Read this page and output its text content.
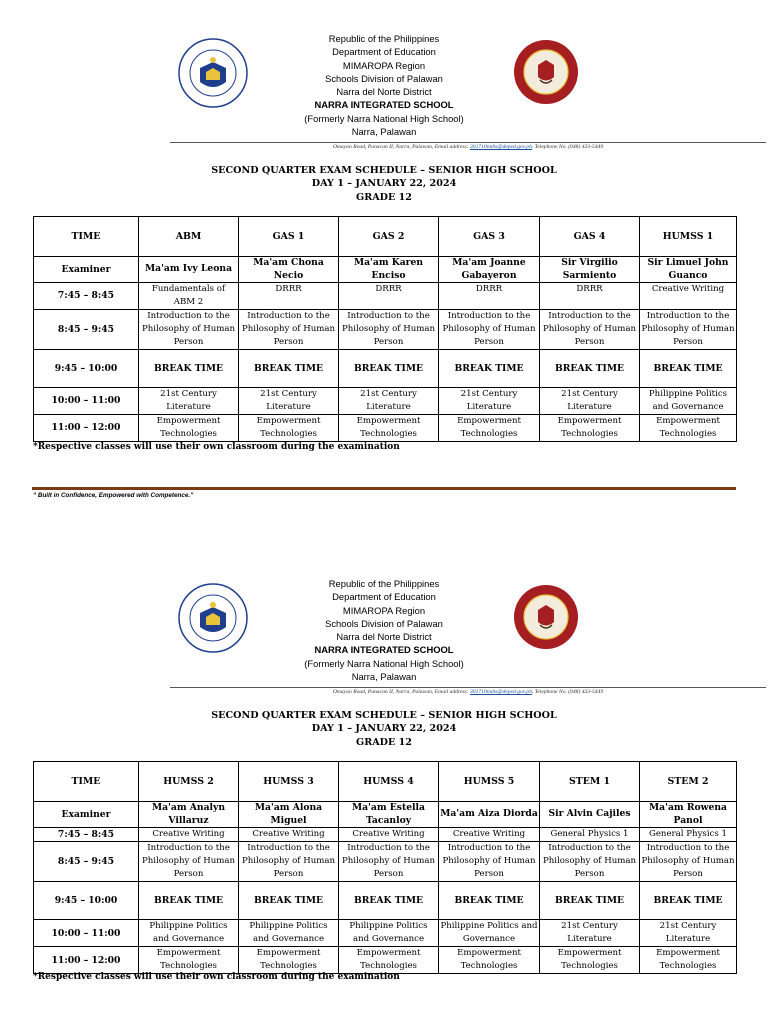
Republic of the Philippines
Department of Education
MIMAROPA Region
Schools Division of Palawan
Narra del Norte District
NARRA INTEGRATED SCHOOL
(Formerly Narra National High School)
Narra, Palawan
Omayao Road, Panacan II, Narra, Palawan, Email address: 301710nnhs@deped.gov.ph, Telephone No. (048) 433-5449
SECOND QUARTER EXAM SCHEDULE – SENIOR HIGH SCHOOL
DAY 1 – JANUARY 22, 2024
GRADE 12
TIME	ABM	GAS 1	GAS 2	GAS 3	GAS 4	HUMSS 1
Examiner	Ma'am Ivy Leona	Ma'am Chona Necio	Ma'am Karen Enciso	Ma'am Joanne Gabayeron	Sir Virgilio Sarmiento	Sir Limuel John Guanco
7:45 – 8:45	Fundamentals of ABM 2	DRRR	DRRR	DRRR	DRRR	Creative Writing
8:45 – 9:45	Introduction to the Philosophy of Human Person	Introduction to the Philosophy of Human Person	Introduction to the Philosophy of Human Person	Introduction to the Philosophy of Human Person	Introduction to the Philosophy of Human Person	Introduction to the Philosophy of Human Person
9:45 – 10:00	BREAK TIME	BREAK TIME	BREAK TIME	BREAK TIME	BREAK TIME	BREAK TIME
10:00 – 11:00	21st Century Literature	21st Century Literature	21st Century Literature	21st Century Literature	21st Century Literature	Philippine Politics and Governance
11:00 – 12:00	Empowerment Technologies	Empowerment Technologies	Empowerment Technologies	Empowerment Technologies	Empowerment Technologies	Empowerment Technologies
*Respective classes will use their own classroom during the examination
“ Built in Confidence, Empowered with Competence.”
Republic of the Philippines
Department of Education
MIMAROPA Region
Schools Division of Palawan
Narra del Norte District
NARRA INTEGRATED SCHOOL
(Formerly Narra National High School)
Narra, Palawan
Omayao Road, Panacan II, Narra, Palawan, Email address: 301710nnhs@deped.gov.ph, Telephone No. (048) 433-5449
SECOND QUARTER EXAM SCHEDULE – SENIOR HIGH SCHOOL
DAY 1 – JANUARY 22, 2024
GRADE 12
TIME	HUMSS 2	HUMSS 3	HUMSS 4	HUMSS 5	STEM 1	STEM 2
Examiner	Ma'am Analyn Villaruz	Ma'am Alona Miguel	Ma'am Estella Tacanloy	Ma'am Aiza Diorda	Sir Alvin Cajiles	Ma'am Rowena Panol
7:45 – 8:45	Creative Writing	Creative Writing	Creative Writing	Creative Writing	General Physics 1	General Physics 1
8:45 – 9:45	Introduction to the Philosophy of Human Person	Introduction to the Philosophy of Human Person	Introduction to the Philosophy of Human Person	Introduction to the Philosophy of Human Person	Introduction to the Philosophy of Human Person	Introduction to the Philosophy of Human Person
9:45 – 10:00	BREAK TIME	BREAK TIME	BREAK TIME	BREAK TIME	BREAK TIME	BREAK TIME
10:00 – 11:00	Philippine Politics and Governance	Philippine Politics and Governance	Philippine Politics and Governance	Philippine Politics and Governance	21st Century Literature	21st Century Literature
11:00 – 12:00	Empowerment Technologies	Empowerment Technologies	Empowerment Technologies	Empowerment Technologies	Empowerment Technologies	Empowerment Technologies
*Respective classes will use their own classroom during the examination
